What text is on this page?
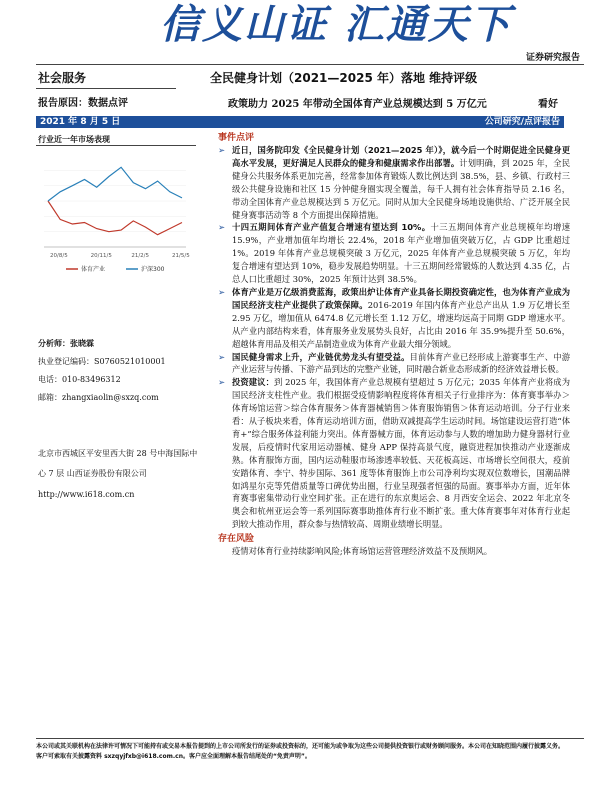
信义山证 汇通天下
证券研究报告
社会服务	全民健身计划（2021—2025 年）落地 维持评级
报告原因：数据点评	政策助力 2025 年带动全国体育产业总规模达到 5 万亿元	看好
2021 年 8 月 5 日	公司研究/点评报告
行业近一年市场表现
20/8/5	20/11/5	21/2/5	21/5/5
体育产业	沪深300
分析师：张晓霖
执业登记编码：S0760521010001
电话：010-83496312
邮箱：zhangxiaolin@sxzq.com
北京市西城区平安里西大街 28 号中海国际中心 7 层 山西证券股份有限公司
http://www.i618.com.cn
事件点评
➢ 近日，国务院印发《全民健身计划（2021—2025 年）》，就今后一个时期促进全民健身更高水平发展，更好满足人民群众的健身和健康需求作出部署。计划明确，到 2025 年，全民健身公共服务体系更加完善，经常参加体育锻炼人数比例达到 38.5%，县、乡镇、行政村三级公共健身设施和社区 15 分钟健身圈实现全覆盖，每千人拥有社会体育指导员 2.16 名，带动全国体育产业总规模达到 5 万亿元。同时从加大全民健身场地设施供给、广泛开展全民健身赛事活动等 8 个方面提出保障措施。
➢ 十四五期间体育产业产值复合增速有望达到 10%。十三五期间体育产业总规模年均增速 15.9%，产业增加值年均增长 22.4%，2018 年产业增加值突破万亿，占 GDP 比重超过 1%。2019 年体育产业总规模突破 3 万亿元，2025 年体育产业总规模突破 5 万亿，年均复合增速有望达到 10%，稳步发展趋势明显。十三五期间经常锻炼的人数达到 4.35 亿，占总人口比重超过 30%，2025 年预计达到 38.5%。
➢ 体育产业是万亿级消费蓝海，政策出炉让体育产业具备长期投资确定性，也为体育产业成为国民经济支柱产业提供了政策保障。2016-2019 年国内体育产业总产出从 1.9 万亿增长至 2.95 万亿，增加值从 6474.8 亿元增长至 1.12 万亿，增速均远高于同期 GDP 增速水平。从产业内部结构来看，体育服务业发展势头良好，占比由 2016 年 35.9%提升至 50.6%，超越体育用品及相关产品制造业成为体育产业最大细分领域。
➢ 国民健身需求上升，产业链优势龙头有望受益。目前体育产业已经形成上游赛事生产、中游产业运营与传播、下游产品到达的完整产业链，同时融合新业态形成新的经济效益增长极。
➢ 投资建议：到 2025 年，我国体育产业总规模有望超过 5 万亿元；2035 年体育产业将成为国民经济支柱性产业。我们根据受疫情影响程度将体育相关子行业排序为：体育赛事举办＞体育场馆运营＞综合体育服务＞体育器械销售＞体育服饰销售＞体育运动培训。分子行业来看：从子板块来看，体育运动培训方面，借助双减提高学生运动时间。场馆建设运营打造“体育+”综合服务体益利能力突出。体育器械方面，体育运动参与人数的增加助力健身器材行业发展，后疫情时代家用运动器械、健身 APP 保持高景气度，融资进程加快推动产业逐渐成熟。体育服饰方面，国内运动鞋服市场渗透率较低、天花板高远、市场增长空间很大，疫前安踏体育、李宁、特步国际、361 度等体育服饰上市公司净利均实现双位数增长，国潮品牌如鸿星尔克等凭借质量等口碑优势出圈，行业呈现强者恒强的局面。赛事举办方面，近年体育赛事密集带动行业空间扩张。正在进行的东京奥运会、8 月西安全运会、2022 年北京冬奥会和杭州亚运会等一系列国际赛事助推体育行业不断扩张。重大体育赛事年对体育行业起到较大推动作用，群众参与热情较高、周期业绩增长明显。
存在风险
疫情对体育行业持续影响风险;体育场馆运营管理经济效益不及预期风。
本公司或其关联机构在法律许可情况下可能持有或交易本报告提到的上市公司所发行的证券或投资标的，还可能为或争取为这些公司提供投资银行或财务顾问服务。本公司在知晓范围内履行披露义务。客户可索取有关披露资料 sxzqyjfxb@i618.com.cn。客户应全面理解本报告结尾处的“免责声明”。
